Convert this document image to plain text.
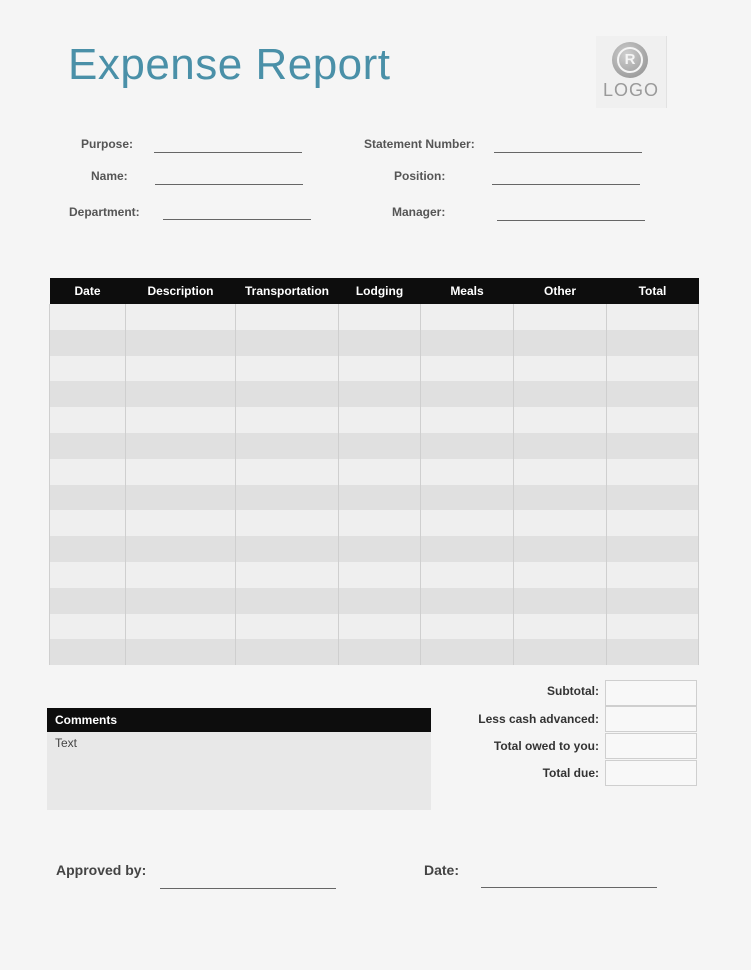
Expense Report	R
LOGO
Purpose:
Name:
Department:
Statement Number:
Position:
Manager:
Date	Description	Transportation	Lodging	Meals	Other	Total

Subtotal:
Less cash advanced:
Total owed to you:
Total due:
Comments
Text
Approved by:	Date:
